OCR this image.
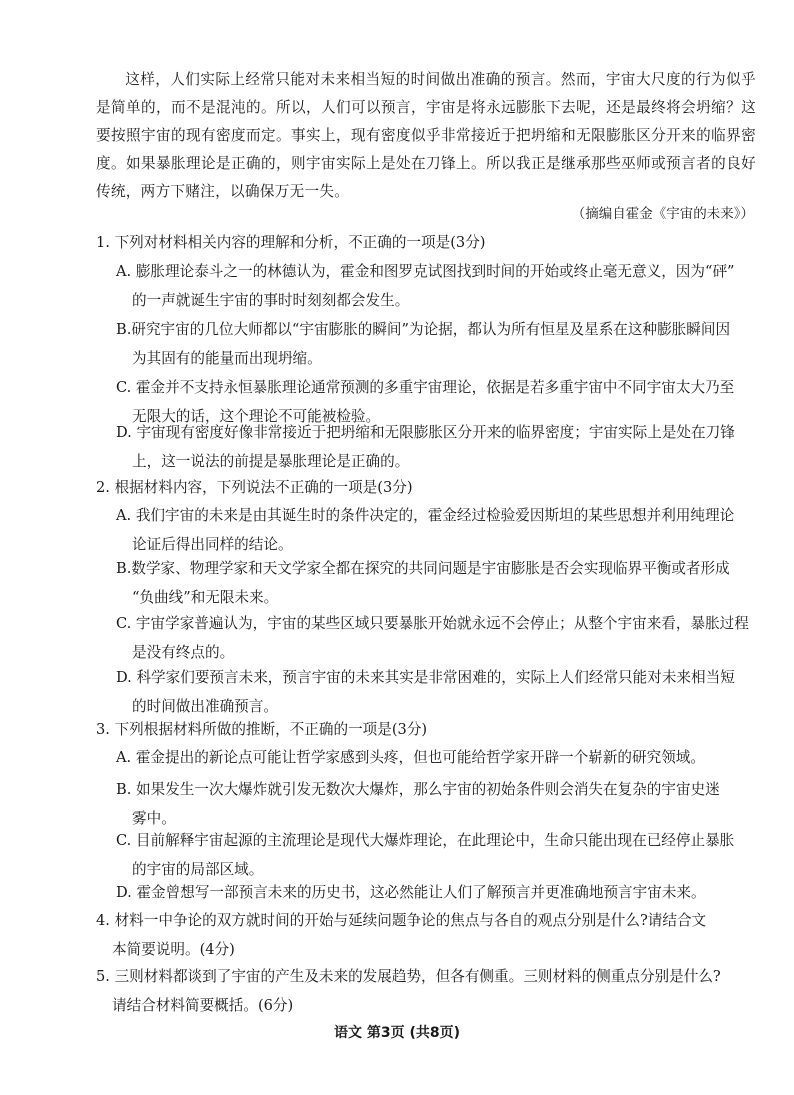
这样，人们实际上经常只能对未来相当短的时间做出准确的预言。然而，宇宙大尺度的行为似乎是简单的，而不是混沌的。所以，人们可以预言，宇宙是将永远膨胀下去呢，还是最终将会坍缩？这要按照宇宙的现有密度而定。事实上，现有密度似乎非常接近于把坍缩和无限膨胀区分开来的临界密度。如果暴胀理论是正确的，则宇宙实际上是处在刀锋上。所以我正是继承那些巫师或预言者的良好传统，两方下赌注，以确保万无一失。

（摘编自霍金《宇宙的未来》）

1. 下列对材料相关内容的理解和分析，不正确的一项是(3分)

A. 膨胀理论泰斗之一的林德认为，霍金和图罗克试图找到时间的开始或终止毫无意义，因为“砰”
的一声就诞生宇宙的事时时刻刻都会发生。

B.研究宇宙的几位大师都以“宇宙膨胀的瞬间”为论据，都认为所有恒星及星系在这种膨胀瞬间因
为其固有的能量而出现坍缩。

C. 霍金并不支持永恒暴胀理论通常预测的多重宇宙理论，依据是若多重宇宙中不同宇宙太大乃至
无限大的话，这个理论不可能被检验。

D. 宇宙现有密度好像非常接近于把坍缩和无限膨胀区分开来的临界密度；宇宙实际上是处在刀锋
上，这一说法的前提是暴胀理论是正确的。

2. 根据材料内容，下列说法不正确的一项是(3分)

A. 我们宇宙的未来是由其诞生时的条件决定的，霍金经过检验爱因斯坦的某些思想并利用纯理论
论证后得出同样的结论。

B.数学家、物理学家和天文学家全都在探究的共同问题是宇宙膨胀是否会实现临界平衡或者形成
“负曲线”和无限未来。

C. 宇宙学家普遍认为，宇宙的某些区域只要暴胀开始就永远不会停止；从整个宇宙来看，暴胀过程
是没有终点的。

D. 科学家们要预言未来，预言宇宙的未来其实是非常困难的，实际上人们经常只能对未来相当短
的时间做出准确预言。

3. 下列根据材料所做的推断，不正确的一项是(3分)

A. 霍金提出的新论点可能让哲学家感到头疼，但也可能给哲学家开辟一个崭新的研究领域。

B. 如果发生一次大爆炸就引发无数次大爆炸，那么宇宙的初始条件则会消失在复杂的宇宙史迷
雾中。

C. 目前解释宇宙起源的主流理论是现代大爆炸理论，在此理论中，生命只能出现在已经停止暴胀
的宇宙的局部区域。

D. 霍金曾想写一部预言未来的历史书，这必然能让人们了解预言并更准确地预言宇宙未来。

4. 材料一中争论的双方就时间的开始与延续问题争论的焦点与各自的观点分别是什么?请结合文
本简要说明。(4分)

5. 三则材料都谈到了宇宙的产生及未来的发展趋势，但各有侧重。三则材料的侧重点分别是什么?
请结合材料简要概括。(6分)

语文 第3页 (共8页)
